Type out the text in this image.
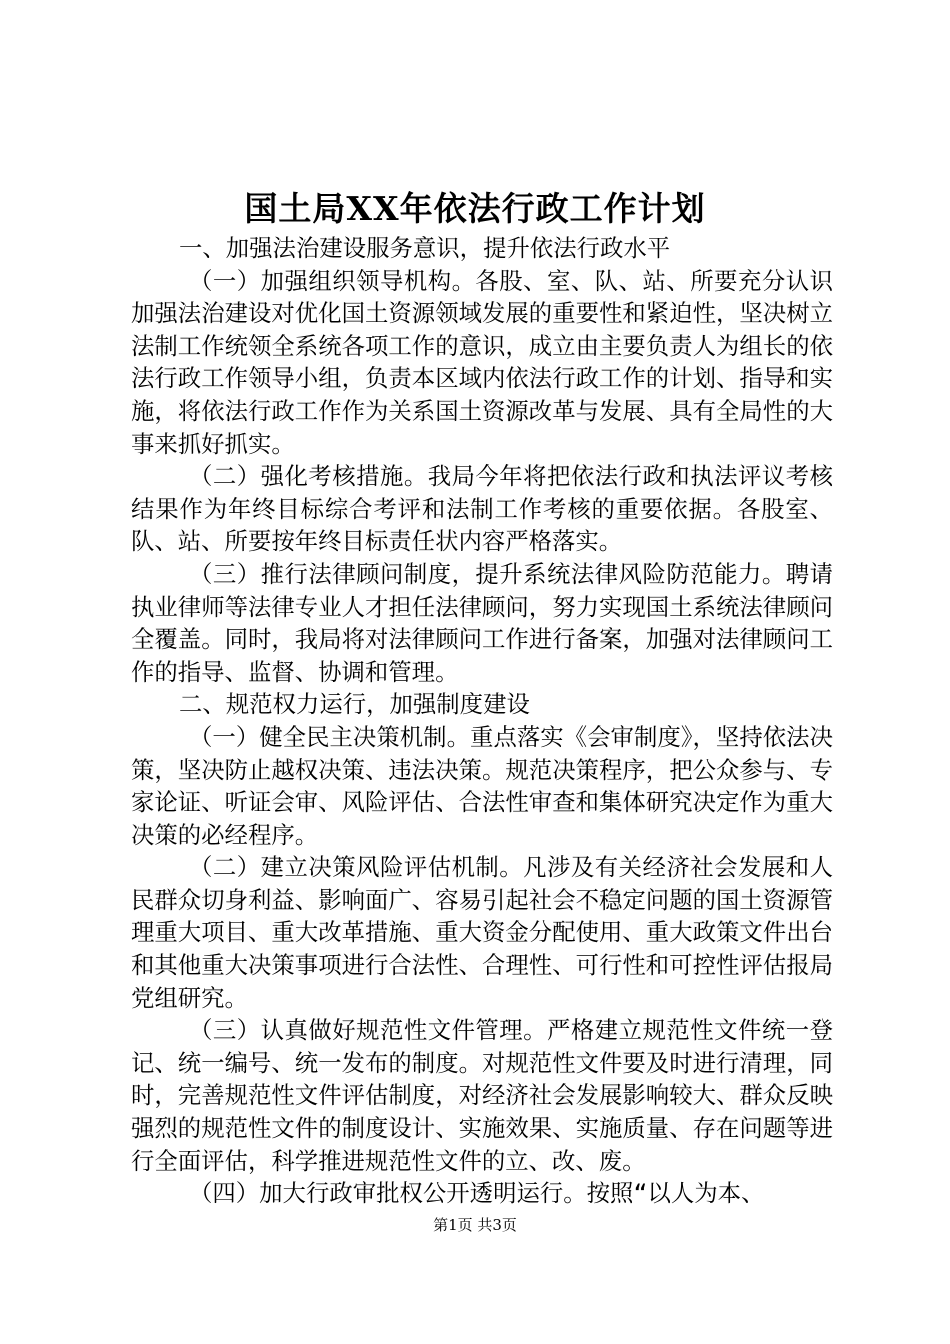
国土局XX年依法行政工作计划

一、加强法治建设服务意识，提升依法行政水平

（一）加强组织领导机构。各股、室、队、站、所要充分认识加强法治建设对优化国土资源领域发展的重要性和紧迫性，坚决树立法制工作统领全系统各项工作的意识，成立由主要负责人为组长的依法行政工作领导小组，负责本区域内依法行政工作的计划、指导和实施，将依法行政工作作为关系国土资源改革与发展、具有全局性的大事来抓好抓实。

（二）强化考核措施。我局今年将把依法行政和执法评议考核结果作为年终目标综合考评和法制工作考核的重要依据。各股室、队、站、所要按年终目标责任状内容严格落实。

（三）推行法律顾问制度，提升系统法律风险防范能力。聘请执业律师等法律专业人才担任法律顾问，努力实现国土系统法律顾问全覆盖。同时，我局将对法律顾问工作进行备案，加强对法律顾问工作的指导、监督、协调和管理。

二、规范权力运行，加强制度建设

（一）健全民主决策机制。重点落实《会审制度》，坚持依法决策，坚决防止越权决策、违法决策。规范决策程序，把公众参与、专家论证、听证会审、风险评估、合法性审查和集体研究决定作为重大决策的必经程序。

（二）建立决策风险评估机制。凡涉及有关经济社会发展和人民群众切身利益、影响面广、容易引起社会不稳定问题的国土资源管理重大项目、重大改革措施、重大资金分配使用、重大政策文件出台和其他重大决策事项进行合法性、合理性、可行性和可控性评估报局党组研究。

（三）认真做好规范性文件管理。严格建立规范性文件统一登记、统一编号、统一发布的制度。对规范性文件要及时进行清理，同时，完善规范性文件评估制度，对经济社会发展影响较大、群众反映强烈的规范性文件的制度设计、实施效果、实施质量、存在问题等进行全面评估，科学推进规范性文件的立、改、废。

（四）加大行政审批权公开透明运行。按照“以人为本、

第1页 共3页
